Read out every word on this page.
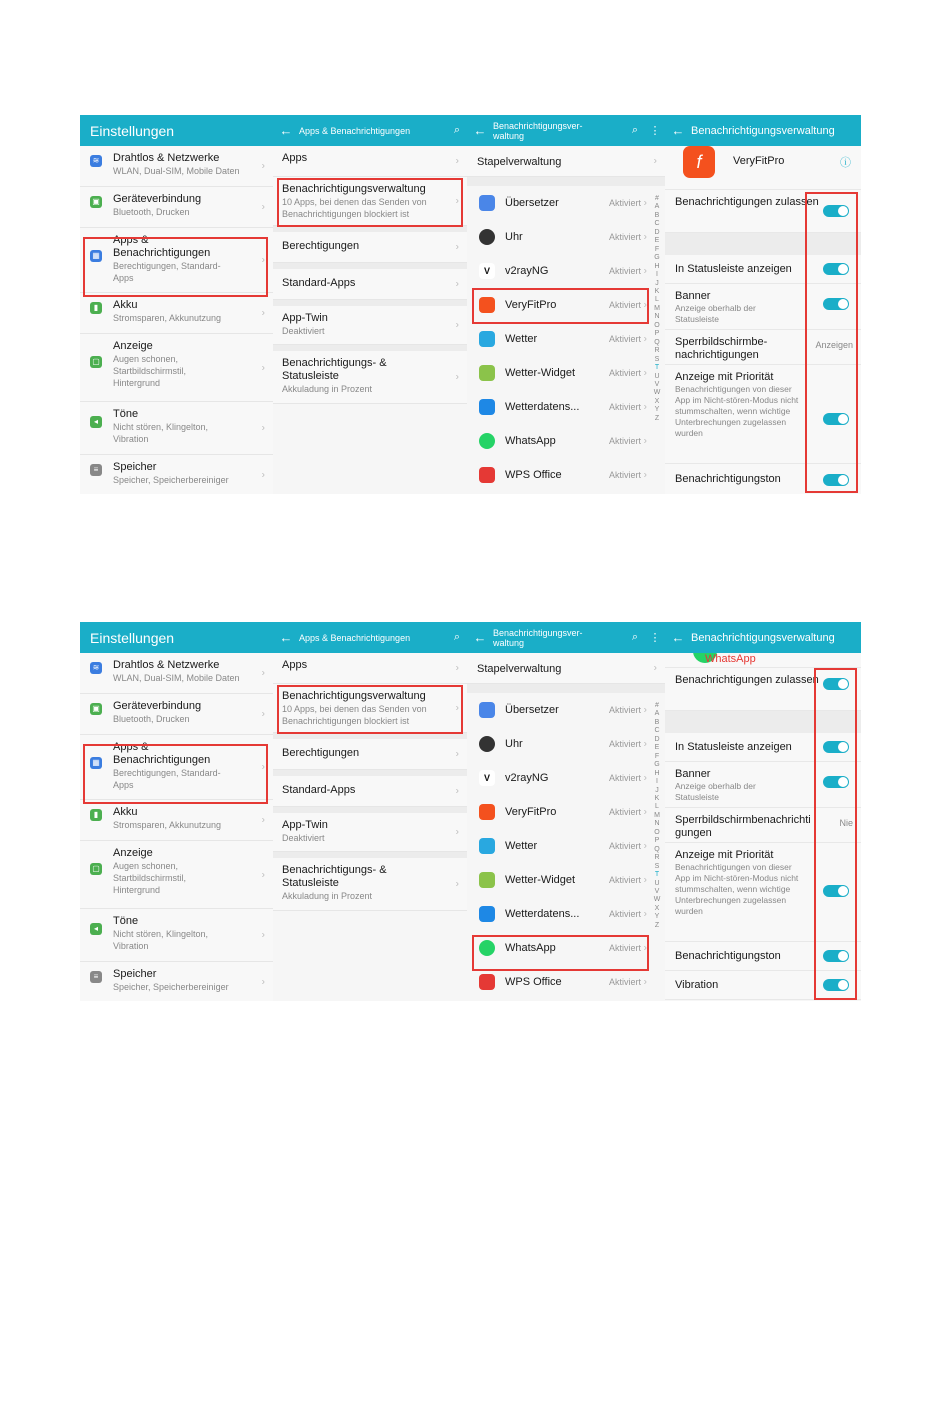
Einstellungen
≋ Drahtlos & Netzwerke
WLAN, Dual-SIM, Mobile Daten	›
▣ Geräteverbindung
Bluetooth, Drucken	›
▦
Apps & Benachrichtigungen
Berechtigungen, Standard-Apps
›
▮	Akku
Stromsparen, Akkunutzung	›
▢
Anzeige
Augen schonen, Startbildschirmstil, Hintergrund
›
◂
Töne
Nicht stören, Klingelton, Vibration
›
≡	Speicher
Speicher, Speicherbereiniger	›
← Apps & Benachrichtigungen	⌕
Apps	›
Benachrichtigungsverwaltung
10 Apps, bei denen das Senden von Benachrichtigungen blockiert ist
›
Berechtigungen	›
Standard-Apps	›
App-Twin
Deaktiviert
›
Benachrichtigungs- & Statusleiste
Akkuladung in Prozent
›
← Benachrichtigungsver-waltung	⌕	⋮
Stapelverwaltung	›
Übersetzer	Aktiviert ›
Uhr	Aktiviert ›
V	v2rayNG	Aktiviert ›
VeryFitPro	Aktiviert ›
Wetter	Aktiviert ›
Wetter-Widget	Aktiviert ›
Wetterdatens...	Aktiviert ›
WhatsApp	Aktiviert ›
WPS Office	Aktiviert ›
#
A
B
C
D
E
F
G
H
I
J
K
L
M
N
O
P
Q
R
S
T
U
V
W
X
Y
Z
← Benachrichtigungsverwaltung
f	VeryFitPro	ⓘ
Benachrichtigungen zulassen
In Statusleiste anzeigen
Banner
Anzeige oberhalb der Statusleiste
Sperrbildschirmbe-nachrichtigungen
Anzeigen
Anzeige mit Priorität
Benachrichtigungen von dieser App im Nicht-stören-Modus nicht stummschalten, wenn wichtige Unterbrechungen zugelassen wurden
Benachrichtigungston
Einstellungen
≋ Drahtlos & Netzwerke
WLAN, Dual-SIM, Mobile Daten	›
▣ Geräteverbindung
Bluetooth, Drucken	›
▦
Apps & Benachrichtigungen
Berechtigungen, Standard-Apps
›
▮	Akku
Stromsparen, Akkunutzung	›
▢
Anzeige
Augen schonen, Startbildschirmstil, Hintergrund
›
◂
Töne
Nicht stören, Klingelton, Vibration
›
≡	Speicher
Speicher, Speicherbereiniger	›
← Apps & Benachrichtigungen	⌕
Apps	›
Benachrichtigungsverwaltung
10 Apps, bei denen das Senden von Benachrichtigungen blockiert ist
›
Berechtigungen	›
Standard-Apps	›
App-Twin
Deaktiviert
›
Benachrichtigungs- & Statusleiste
Akkuladung in Prozent
›
← Benachrichtigungsver-waltung	⌕	⋮
Stapelverwaltung	›
Übersetzer	Aktiviert ›
Uhr	Aktiviert ›
V	v2rayNG	Aktiviert ›
VeryFitPro	Aktiviert ›
Wetter	Aktiviert ›
Wetter-Widget	Aktiviert ›
Wetterdatens...	Aktiviert ›
WhatsApp	Aktiviert ›
WPS Office	Aktiviert ›
#
A
B
C
D
E
F
G
H
I
J
K
L
M
N
O
P
Q
R
S
T
U
V
W
X
Y
Z
← Benachrichtigungsverwaltung
WhatsApp
Benachrichtigungen zulassen
In Statusleiste anzeigen
Banner
Anzeige oberhalb der Statusleiste
Sperrbildschirmbenachrichtigungen
Nie
Anzeige mit Priorität
Benachrichtigungen von dieser App im Nicht-stören-Modus nicht stummschalten, wenn wichtige Unterbrechungen zugelassen wurden
Benachrichtigungston
Vibration
